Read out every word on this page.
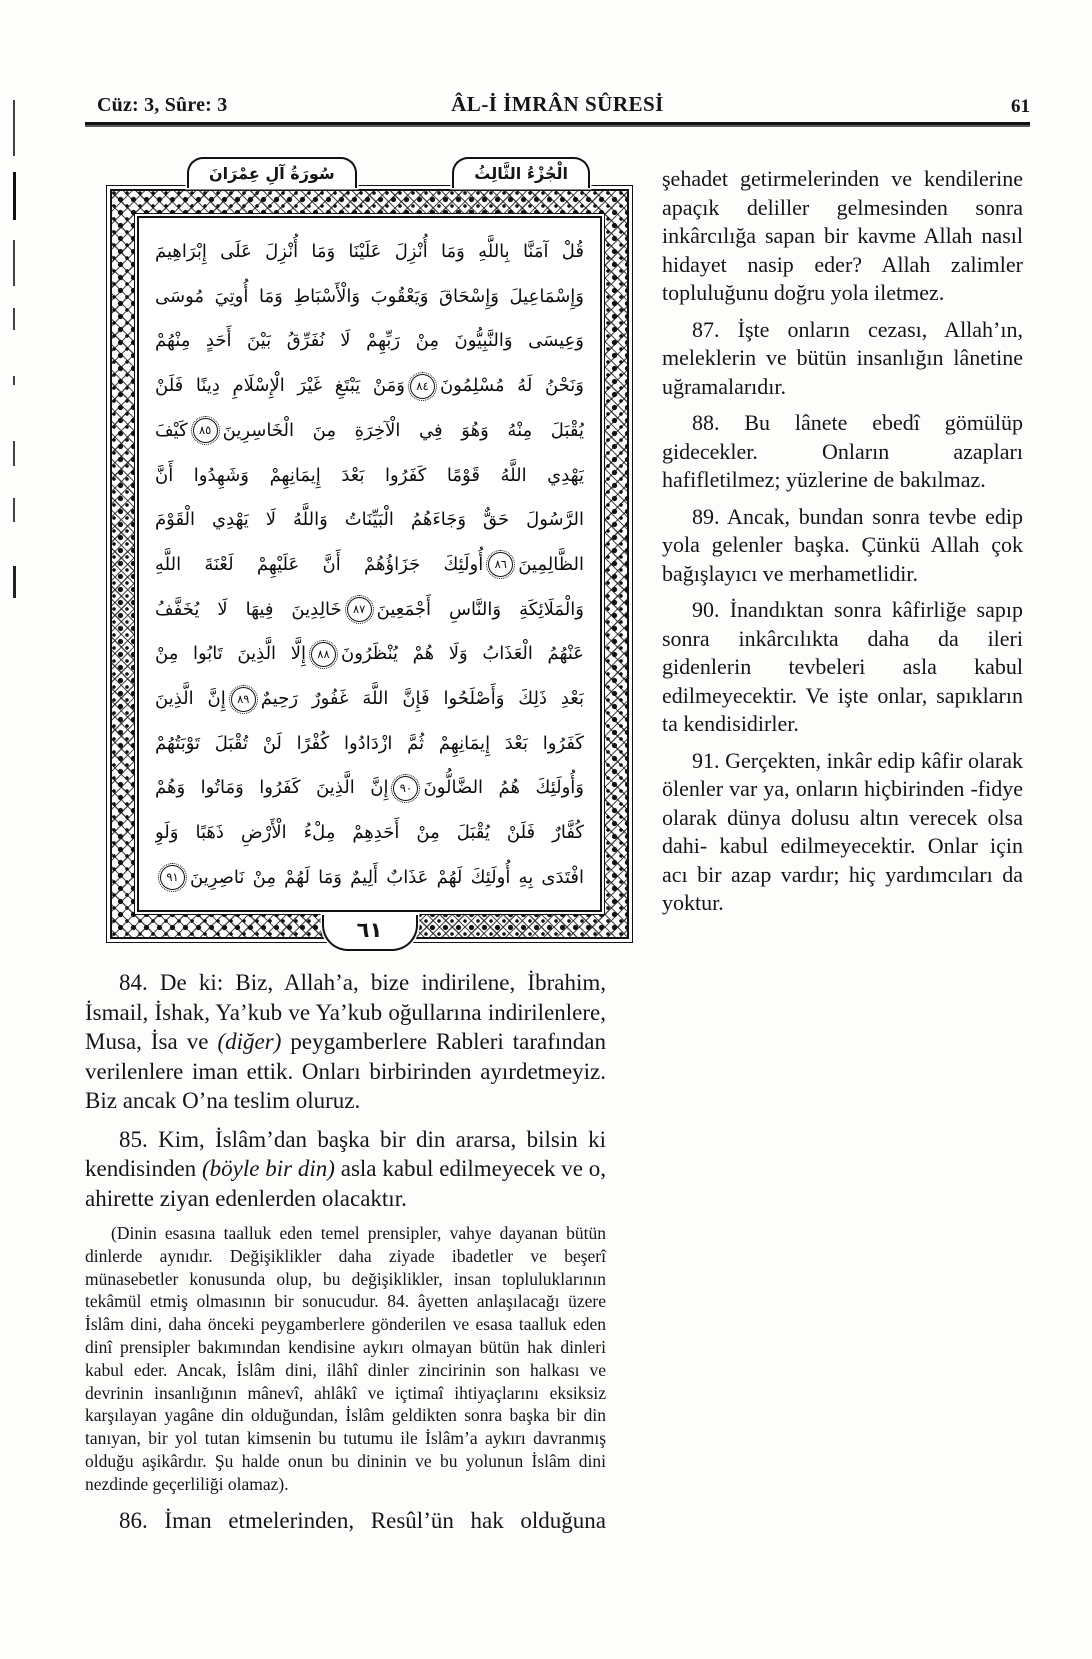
Cüz: 3, Sûre: 3	ÂL-İ İMRÂN SÛRESİ	61
الْجُزْءُ الثَّالِثُ
سُورَةُ آلِ عِمْرَانَ
٦١
قُلْ آمَنَّا بِاللَّهِ وَمَا أُنْزِلَ عَلَيْنَا وَمَا أُنْزِلَ عَلَى إِبْرَاهِيمَ
وَإِسْمَاعِيلَ وَإِسْحَاقَ وَيَعْقُوبَ وَالْأَسْبَاطِ وَمَا أُوتِيَ مُوسَى
وَعِيسَى وَالنَّبِيُّونَ مِنْ رَبِّهِمْ لَا نُفَرِّقُ بَيْنَ أَحَدٍ مِنْهُمْ
وَنَحْنُ لَهُ مُسْلِمُونَ٨٤وَمَنْ يَبْتَغِ غَيْرَ الْإِسْلَامِ دِينًا فَلَنْ
يُقْبَلَ مِنْهُ وَهُوَ فِي الْآخِرَةِ مِنَ الْخَاسِرِينَ٨٥كَيْفَ
يَهْدِي اللَّهُ قَوْمًا كَفَرُوا بَعْدَ إِيمَانِهِمْ وَشَهِدُوا أَنَّ
الرَّسُولَ حَقٌّ وَجَاءَهُمُ الْبَيِّنَاتُ وَاللَّهُ لَا يَهْدِي الْقَوْمَ
الظَّالِمِينَ٨٦أُولَئِكَ جَزَاؤُهُمْ أَنَّ عَلَيْهِمْ لَعْنَةَ اللَّهِ
وَالْمَلَائِكَةِ وَالنَّاسِ أَجْمَعِينَ٨٧خَالِدِينَ فِيهَا لَا يُخَفَّفُ
عَنْهُمُ الْعَذَابُ وَلَا هُمْ يُنْظَرُونَ٨٨إِلَّا الَّذِينَ تَابُوا مِنْ
بَعْدِ ذَلِكَ وَأَصْلَحُوا فَإِنَّ اللَّهَ غَفُورٌ رَحِيمٌ٨٩إِنَّ الَّذِينَ
كَفَرُوا بَعْدَ إِيمَانِهِمْ ثُمَّ ازْدَادُوا كُفْرًا لَنْ تُقْبَلَ تَوْبَتُهُمْ
وَأُولَئِكَ هُمُ الضَّالُّونَ٩٠إِنَّ الَّذِينَ كَفَرُوا وَمَاتُوا وَهُمْ
كُفَّارٌ فَلَنْ يُقْبَلَ مِنْ أَحَدِهِمْ مِلْءُ الْأَرْضِ ذَهَبًا وَلَوِ
افْتَدَى بِهِ أُولَئِكَ لَهُمْ عَذَابٌ أَلِيمٌ وَمَا لَهُمْ مِنْ نَاصِرِينَ٩١

şehadet getirmelerinden ve kendilerine apaçık deliller gelmesinden sonra inkârcılığa sapan bir kavme Allah nasıl hidayet nasip eder? Allah zalimler topluluğunu doğru yola iletmez.

87. İşte onların cezası, Allah’ın, meleklerin ve bütün insanlığın lânetine uğramalarıdır.

88. Bu lânete ebedî gömülüp gidecekler. Onların azapları hafifletilmez; yüzlerine de bakılmaz.

89. Ancak, bundan sonra tevbe edip yola gelenler başka. Çünkü Allah çok bağışlayıcı ve merhametlidir.

90. İnandıktan sonra kâfirliğe sapıp sonra inkârcılıkta daha da ileri gidenlerin tevbeleri asla kabul edilmeyecektir. Ve işte onlar, sapıkların ta kendisidirler.

91. Gerçekten, inkâr edip kâfir olarak ölenler var ya, onların hiçbirinden -fidye olarak dünya dolusu altın verecek olsa dahi- kabul edilmeyecektir. Onlar için acı bir azap vardır; hiç yardımcıları da yoktur.

84. De ki: Biz, Allah’a, bize indirilene, İbrahim, İsmail, İshak, Ya’kub ve Ya’kub oğullarına indirilenlere, Musa, İsa ve (diğer) peygamberlere Rableri tarafından verilenlere iman ettik. Onları birbirinden ayırdetmeyiz. Biz ancak O’na teslim oluruz.

85. Kim, İslâm’dan başka bir din ararsa, bilsin ki kendisinden (böyle bir din) asla kabul edilmeyecek ve o, ahirette ziyan edenlerden olacaktır.

(Dinin esasına taalluk eden temel prensipler, vahye dayanan bütün dinlerde aynıdır. Değişiklikler daha ziyade ibadetler ve beşerî münasebetler konusunda olup, bu değişiklikler, insan topluluklarının tekâmül etmiş olmasının bir sonucudur. 84. âyetten anlaşılacağı üzere İslâm dini, daha önceki peygamberlere gönderilen ve esasa taalluk eden dinî prensipler bakımından kendisine aykırı olmayan bütün hak dinleri kabul eder. Ancak, İslâm dini, ilâhî dinler zincirinin son halkası ve devrinin insanlığının mânevî, ahlâkî ve içtimaî ihtiyaçlarını eksiksiz karşılayan yagâne din olduğundan, İslâm geldikten sonra başka bir din tanıyan, bir yol tutan kimsenin bu tutumu ile İslâm’a aykırı davranmış olduğu aşikârdır. Şu halde onun bu dininin ve bu yolunun İslâm dini nezdinde geçerliliği olamaz).

86. İman etmelerinden, Resûl’ün hak olduğuna
